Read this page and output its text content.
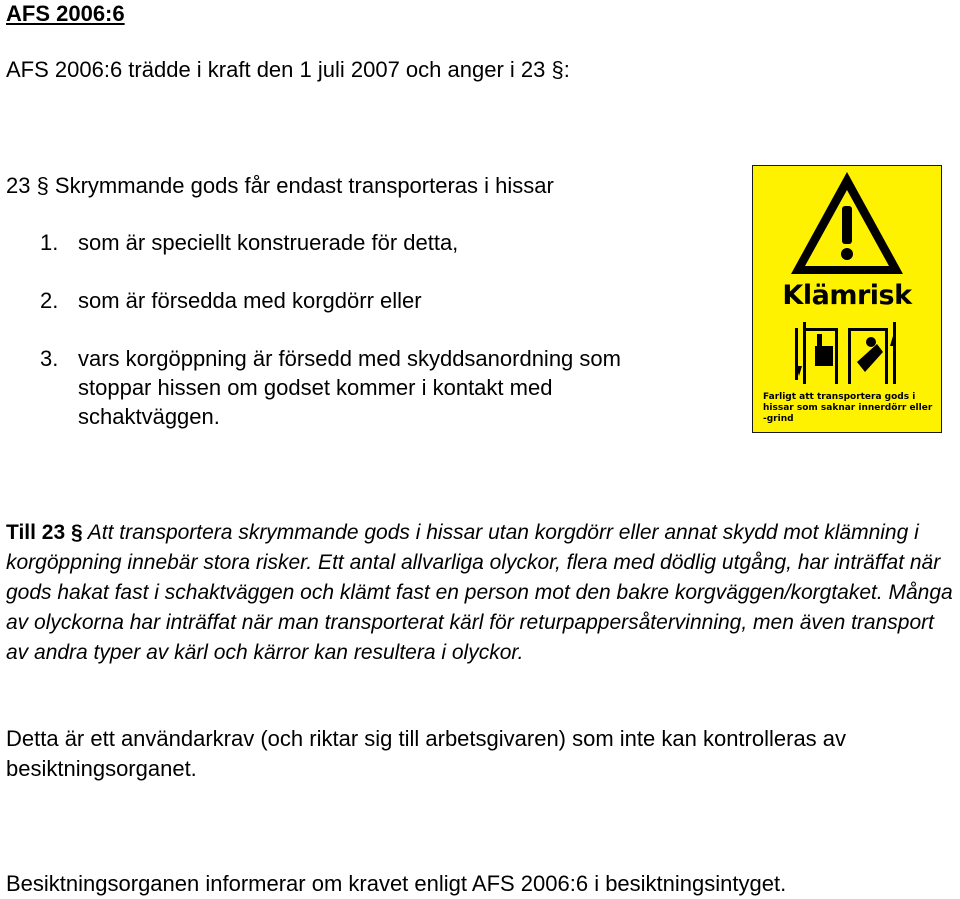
AFS 2006:6
AFS 2006:6 trädde i kraft den 1 juli 2007 och anger i 23 §:
23 § Skrymmande gods får endast transporteras i hissar
1. som är speciellt konstruerade för detta,
2. som är försedda med korgdörr eller
3. vars korgöppning är försedd med skyddsanordning som
stoppar hissen om godset kommer i kontakt med
schaktväggen.
Klämrisk
Farligt att transportera gods i hissar som saknar innerdörr eller -grind
Till 23 § Att transportera skrymmande gods i hissar utan korgdörr eller annat skydd mot klämning i korgöppning innebär stora risker. Ett antal allvarliga olyckor, flera med dödlig utgång, har inträffat när gods hakat fast i schaktväggen och klämt fast en person mot den bakre korgväggen/korgtaket. Många av olyckorna har inträffat när man transporterat kärl för returpappersåtervinning, men även transport av andra typer av kärl och kärror kan resultera i olyckor.
Detta är ett användarkrav (och riktar sig till arbetsgivaren) som inte kan kontrolleras av besiktningsorganet.
Besiktningsorganen informerar om kravet enligt AFS 2006:6 i besiktningsintyget.
